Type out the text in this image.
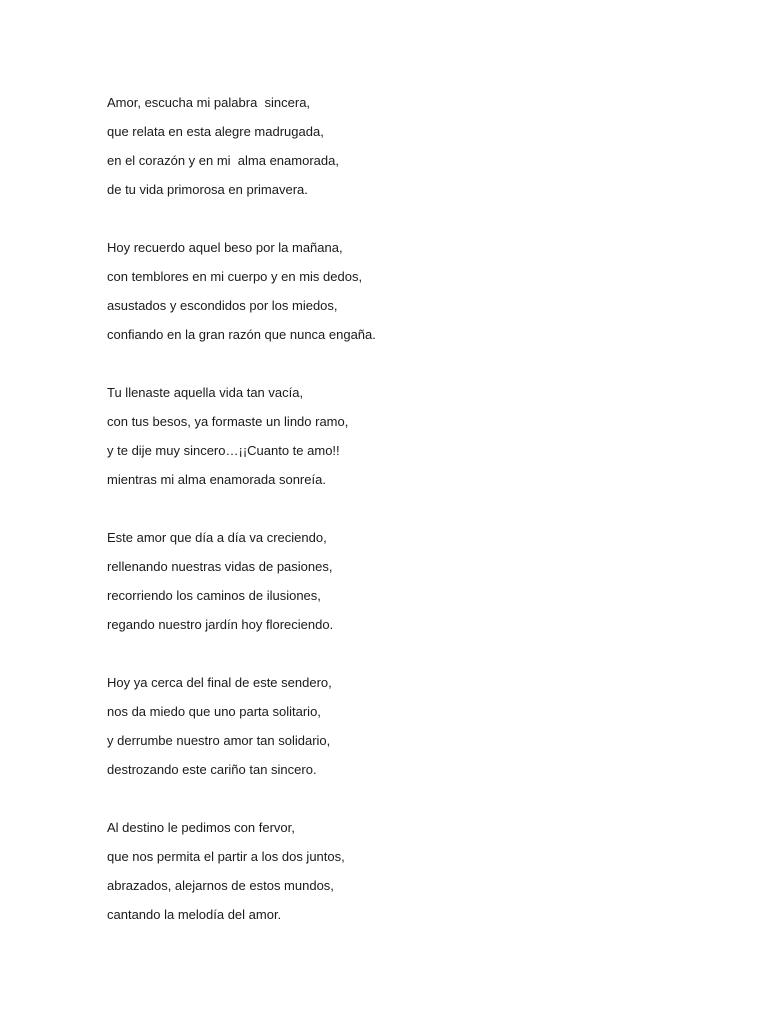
Amor, escucha mi palabra  sincera,
que relata en esta alegre madrugada,
en el corazón y en mi  alma enamorada,
de tu vida primorosa en primavera.
Hoy recuerdo aquel beso por la mañana,
con temblores en mi cuerpo y en mis dedos,
asustados y escondidos por los miedos,
confiando en la gran razón que nunca engaña.
Tu llenaste aquella vida tan vacía,
con tus besos, ya formaste un lindo ramo,
y te dije muy sincero…¡¡Cuanto te amo!!
mientras mi alma enamorada sonreía.
Este amor que día a día va creciendo,
rellenando nuestras vidas de pasiones,
recorriendo los caminos de ilusiones,
regando nuestro jardín hoy floreciendo.
Hoy ya cerca del final de este sendero,
nos da miedo que uno parta solitario,
y derrumbe nuestro amor tan solidario,
destrozando este cariño tan sincero.
Al destino le pedimos con fervor,
que nos permita el partir a los dos juntos,
abrazados, alejarnos de estos mundos,
cantando la melodía del amor.
